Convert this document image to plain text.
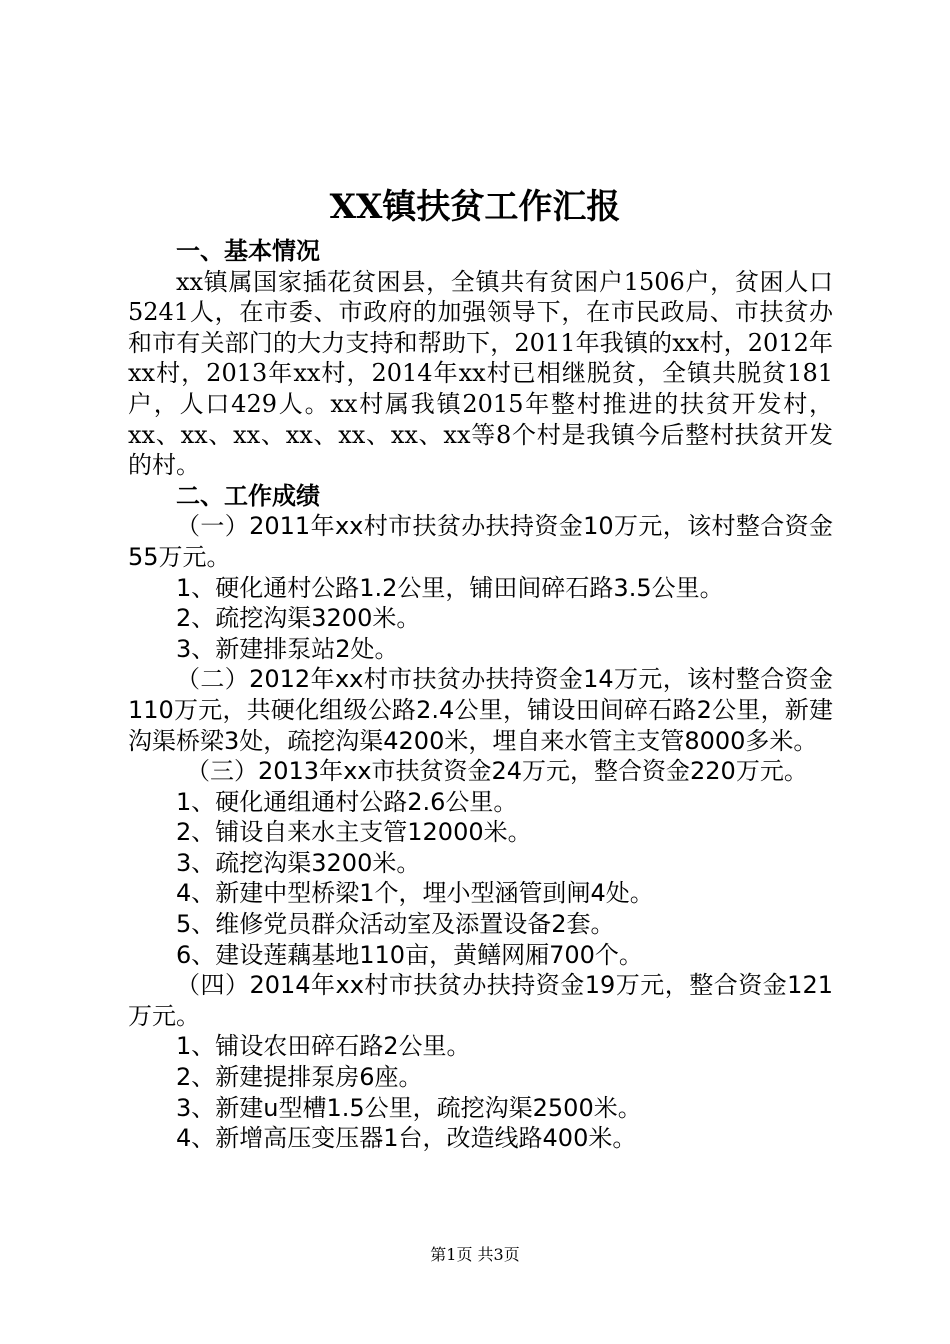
XX镇扶贫工作汇报

一、基本情况

xx镇属国家插花贫困县，全镇共有贫困户1506户，贫困人口5241人，在市委、市政府的加强领导下，在市民政局、市扶贫办和市有关部门的大力支持和帮助下，2011年我镇的xx村，2012年xx村，2013年xx村，2014年xx村已相继脱贫，全镇共脱贫181户，人口429人。xx村属我镇2015年整村推进的扶贫开发村，xx、xx、xx、xx、xx、xx、xx等8个村是我镇今后整村扶贫开发的村。

二、工作成绩

（一）2011年xx村市扶贫办扶持资金10万元，该村整合资金55万元。

1、硬化通村公路1.2公里，铺田间碎石路3.5公里。

2、疏挖沟渠3200米。

3、新建排泵站2处。

（二）2012年xx村市扶贫办扶持资金14万元，该村整合资金110万元，共硬化组级公路2.4公里，铺设田间碎石路2公里，新建沟渠桥梁3处，疏挖沟渠4200米，埋自来水管主支管8000多米。

（三）2013年xx市扶贫资金24万元，整合资金220万元。

1、硬化通组通村公路2.6公里。

2、铺设自来水主支管12000米。

3、疏挖沟渠3200米。

4、新建中型桥梁1个，埋小型涵管刯闸4处。

5、维修党员群众活动室及添置设备2套。

6、建设莲藕基地110亩，黄鳝网厢700个。

（四）2014年xx村市扶贫办扶持资金19万元，整合资金121万元。

1、铺设农田碎石路2公里。

2、新建提排泵房6座。

3、新建u型槽1.5公里，疏挖沟渠2500米。

4、新增高压变压器1台，改造线路400米。

第1页 共3页
